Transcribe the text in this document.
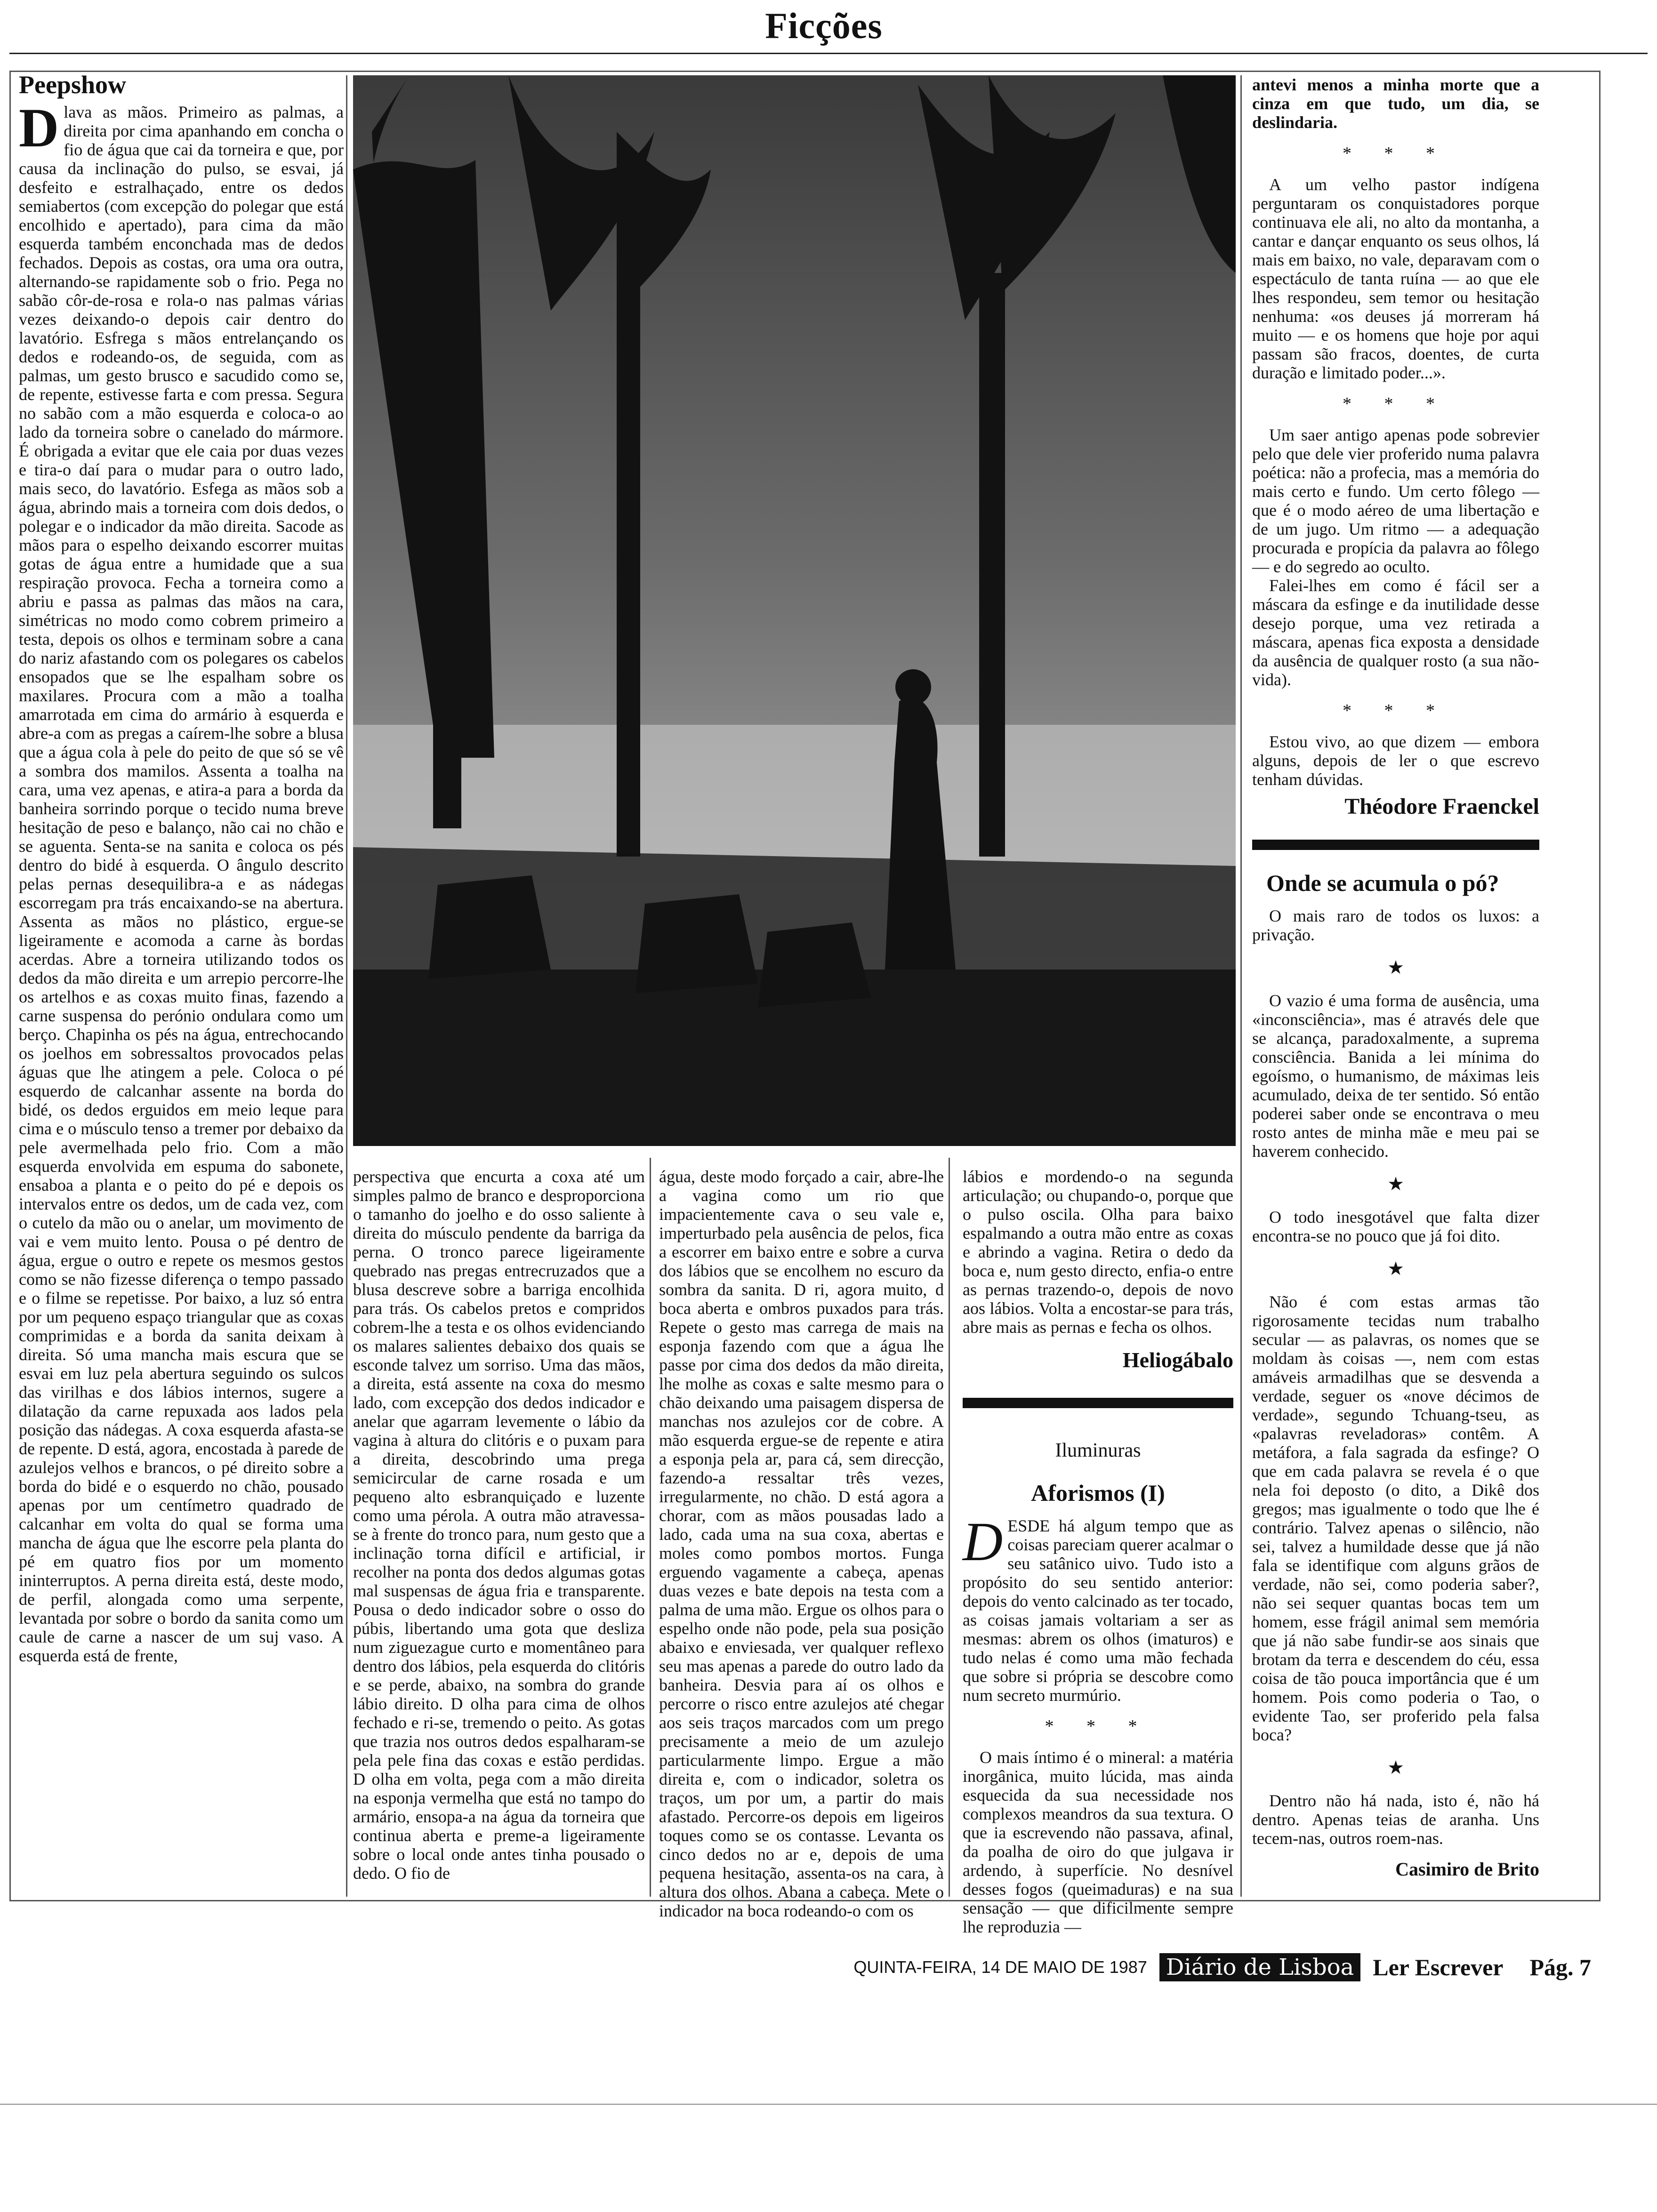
Ficções
Peepshow
D lava as mãos. Primeiro as palmas, a direita por cima apanhando em concha o fio de água que cai da torneira e que, por causa da inclinação do pulso, se esvai, já desfeito e estralhaçado, entre os dedos semiabertos (com excepção do polegar que está encolhido e apertado), para cima da mão esquerda também enconchada mas de dedos fechados. Depois as costas, ora uma ora outra, alternando-se rapidamente sob o frio. Pega no sabão côr-de-rosa e rola-o nas palmas várias vezes deixando-o depois cair dentro do lavatório. Esfrega s mãos entrelançando os dedos e rodeando-os, de seguida, com as palmas, um gesto brusco e sacudido como se, de repente, estivesse farta e com pressa. Segura no sabão com a mão esquerda e coloca-o ao lado da torneira sobre o canelado do mármore. É obrigada a evitar que ele caia por duas vezes e tira-o daí para o mudar para o outro lado, mais seco, do lavatório. Esfega as mãos sob a água, abrindo mais a torneira com dois dedos, o polegar e o indicador da mão direita. Sacode as mãos para o espelho deixando escorrer muitas gotas de água entre a humidade que a sua respiração provoca. Fecha a torneira como a abriu e passa as palmas das mãos na cara, simétricas no modo como cobrem primeiro a testa, depois os olhos e terminam sobre a cana do nariz afastando com os polegares os cabelos ensopados que se lhe espalham sobre os maxilares. Procura com a mão a toalha amarrotada em cima do armário à esquerda e abre-a com as pregas a caírem-lhe sobre a blusa que a água cola à pele do peito de que só se vê a sombra dos mamilos. Assenta a toalha na cara, uma vez apenas, e atira-a para a borda da banheira sorrindo porque o tecido numa breve hesitação de peso e balanço, não cai no chão e se aguenta. Senta-se na sanita e coloca os pés dentro do bidé à esquerda. O ângulo descrito pelas pernas desequilibra-a e as nádegas escorregam pra trás encaixando-se na abertura. Assenta as mãos no plástico, ergue-se ligeiramente e acomoda a carne às bordas acerdas. Abre a torneira utilizando todos os dedos da mão direita e um arrepio percorre-lhe os artelhos e as coxas muito finas, fazendo a carne suspensa do perónio ondulara como um berço. Chapinha os pés na água, entrechocando os joelhos em sobressaltos provocados pelas águas que lhe atingem a pele. Coloca o pé esquerdo de calcanhar assente na borda do bidé, os dedos erguidos em meio leque para cima e o músculo tenso a tremer por debaixo da pele avermelhada pelo frio. Com a mão esquerda envolvida em espuma do sabonete, ensaboa a planta e o peito do pé e depois os intervalos entre os dedos, um de cada vez, com o cutelo da mão ou o anelar, um movimento de vai e vem muito lento. Pousa o pé dentro de água, ergue o outro e repete os mesmos gestos como se não fizesse diferença o tempo passado e o filme se repetisse. Por baixo, a luz só entra por um pequeno espaço triangular que as coxas comprimidas e a borda da sanita deixam à direita. Só uma mancha mais escura que se esvai em luz pela abertura seguindo os sulcos das virilhas e dos lábios internos, sugere a dilatação da carne repuxada aos lados pela posição das nádegas. A coxa esquerda afasta-se de repente. D está, agora, encostada à parede de azulejos velhos e brancos, o pé direito sobre a borda do bidé e o esquerdo no chão, pousado apenas por um centímetro quadrado de calcanhar em volta do qual se forma uma mancha de água que lhe escorre pela planta do pé em quatro fios por um momento ininterruptos. A perna direita está, deste modo, de perfil, alongada como uma serpente, levantada por sobre o bordo da sanita como um caule de carne a nascer de um suj vaso. A esquerda está de frente,

perspectiva que encurta a coxa até um simples palmo de branco e desproporciona o tamanho do joelho e do osso saliente à direita do músculo pendente da barriga da perna. O tronco parece ligeiramente quebrado nas pregas entrecruzados que a blusa descreve sobre a barriga encolhida para trás. Os cabelos pretos e compridos cobrem-lhe a testa e os olhos evidenciando os malares salientes debaixo dos quais se esconde talvez um sorriso. Uma das mãos, a direita, está assente na coxa do mesmo lado, com excepção dos dedos indicador e anelar que agarram levemente o lábio da vagina à altura do clitóris e o puxam para a direita, descobrindo uma prega semicircular de carne rosada e um pequeno alto esbranquiçado e luzente como uma pérola. A outra mão atravessa-se à frente do tronco para, num gesto que a inclinação torna difícil e artificial, ir recolher na ponta dos dedos algumas gotas mal suspensas de água fria e transparente. Pousa o dedo indicador sobre o osso do púbis, libertando uma gota que desliza num ziguezague curto e momentâneo para dentro dos lábios, pela esquerda do clitóris e se perde, abaixo, na sombra do grande lábio direito. D olha para cima de olhos fechado e ri-se, tremendo o peito. As gotas que trazia nos outros dedos espalharam-se pela pele fina das coxas e estão perdidas. D olha em volta, pega com a mão direita na esponja vermelha que está no tampo do armário, ensopa-a na água da torneira que continua aberta e preme-a ligeiramente sobre o local onde antes tinha pousado o dedo. O fio de

água, deste modo forçado a cair, abre-lhe a vagina como um rio que impacientemente cava o seu vale e, imperturbado pela ausência de pelos, fica a escorrer em baixo entre e sobre a curva dos lábios que se encolhem no escuro da sombra da sanita. D ri, agora muito, d boca aberta e ombros puxados para trás. Repete o gesto mas carrega de mais na esponja fazendo com que a água lhe passe por cima dos dedos da mão direita, lhe molhe as coxas e salte mesmo para o chão deixando uma paisagem dispersa de manchas nos azulejos cor de cobre. A mão esquerda ergue-se de repente e atira a esponja pela ar, para cá, sem direcção, fazendo-a ressaltar três vezes, irregularmente, no chão. D está agora a chorar, com as mãos pousadas lado a lado, cada uma na sua coxa, abertas e moles como pombos mortos. Funga erguendo vagamente a cabeça, apenas duas vezes e bate depois na testa com a palma de uma mão. Ergue os olhos para o espelho onde não pode, pela sua posição abaixo e enviesada, ver qualquer reflexo seu mas apenas a parede do outro lado da banheira. Desvia para aí os olhos e percorre o risco entre azulejos até chegar aos seis traços marcados com um prego precisamente a meio de um azulejo particularmente limpo. Ergue a mão direita e, com o indicador, soletra os traços, um por um, a partir do mais afastado. Percorre-os depois em ligeiros toques como se os contasse. Levanta os cinco dedos no ar e, depois de uma pequena hesitação, assenta-os na cara, à altura dos olhos. Abana a cabeça. Mete o indicador na boca rodeando-o com os

lábios e mordendo-o na segunda articulação; ou chupando-o, porque que o pulso oscila. Olha para baixo espalmando a outra mão entre as coxas e abrindo a vagina. Retira o dedo da boca e, num gesto directo, enfia-o entre as pernas trazendo-o, depois de novo aos lábios. Volta a encostar-se para trás, abre mais as pernas e fecha os olhos.

Heliogábalo
Iluminuras
Aforismos (I)
D ESDE há algum tempo que as coisas pareciam querer acalmar o seu satânico uivo. Tudo isto a propósito do seu sentido anterior: depois do vento calcinado as ter tocado, as coisas jamais voltariam a ser as mesmas: abrem os olhos (imaturos) e tudo nelas é como uma mão fechada que sobre si própria se descobre como num secreto murmúrio.

* * *

O mais íntimo é o mineral: a matéria inorgânica, muito lúcida, mas ainda esquecida da sua necessidade nos complexos meandros da sua textura. O que ia escrevendo não passava, afinal, da poalha de oiro do que julgava ir ardendo, à superfície. No desnível desses fogos (queimaduras) e na sua sensação — que dificilmente sempre lhe reproduzia —

antevi menos a minha morte que a cinza em que tudo, um dia, se deslindaria.

* * *

A um velho pastor indígena perguntaram os conquistadores porque continuava ele ali, no alto da montanha, a cantar e dançar enquanto os seus olhos, lá mais em baixo, no vale, deparavam com o espectáculo de tanta ruína — ao que ele lhes respondeu, sem temor ou hesitação nenhuma: «os deuses já morreram há muito — e os homens que hoje por aqui passam são fracos, doentes, de curta duração e limitado poder...».

* * *

Um saer antigo apenas pode sobrevier pelo que dele vier proferido numa palavra poética: não a profecia, mas a memória do mais certo e fundo. Um certo fôlego — que é o modo aéreo de uma libertação e de um jugo. Um ritmo — a adequação procurada e propícia da palavra ao fôlego — e do segredo ao oculto.

Falei-lhes em como é fácil ser a máscara da esfinge e da inutilidade desse desejo porque, uma vez retirada a máscara, apenas fica exposta a densidade da ausência de qualquer rosto (a sua não-vida).

* * *

Estou vivo, ao que dizem — embora alguns, depois de ler o que escrevo tenham dúvidas.

Théodore Fraenckel
Onde se acumula o pó?

O mais raro de todos os luxos: a privação.

★

O vazio é uma forma de ausência, uma «inconsciência», mas é através dele que se alcança, paradoxalmente, a suprema consciência. Banida a lei mínima do egoísmo, o humanismo, de máximas leis acumulado, deixa de ter sentido. Só então poderei saber onde se encontrava o meu rosto antes de minha mãe e meu pai se haverem conhecido.

★

O todo inesgotável que falta dizer encontra-se no pouco que já foi dito.

★

Não é com estas armas tão rigorosamente tecidas num trabalho secular — as palavras, os nomes que se moldam às coisas —, nem com estas amáveis armadilhas que se desvenda a verdade, seguer os «nove décimos de verdade», segundo Tchuang-tseu, as «palavras reveladoras» contêm. A metáfora, a fala sagrada da esfinge? O que em cada palavra se revela é o que nela foi deposto (o dito, a Dikê dos gregos; mas igualmente o todo que lhe é contrário. Talvez apenas o silêncio, não sei, talvez a humildade desse que já não fala se identifique com alguns grãos de verdade, não sei, como poderia saber?, não sei sequer quantas bocas tem um homem, esse frágil animal sem memória que já não sabe fundir-se aos sinais que brotam da terra e descendem do céu, essa coisa de tão pouca importância que é um homem. Pois como poderia o Tao, o evidente Tao, ser proferido pela falsa boca?

★

Dentro não há nada, isto é, não há dentro. Apenas teias de aranha. Uns tecem-nas, outros roem-nas.

Casimiro de Brito
QUINTA-FEIRA, 14 DE MAIO DE 1987 Diário de Lisboa Ler Escrever Pág. 7
